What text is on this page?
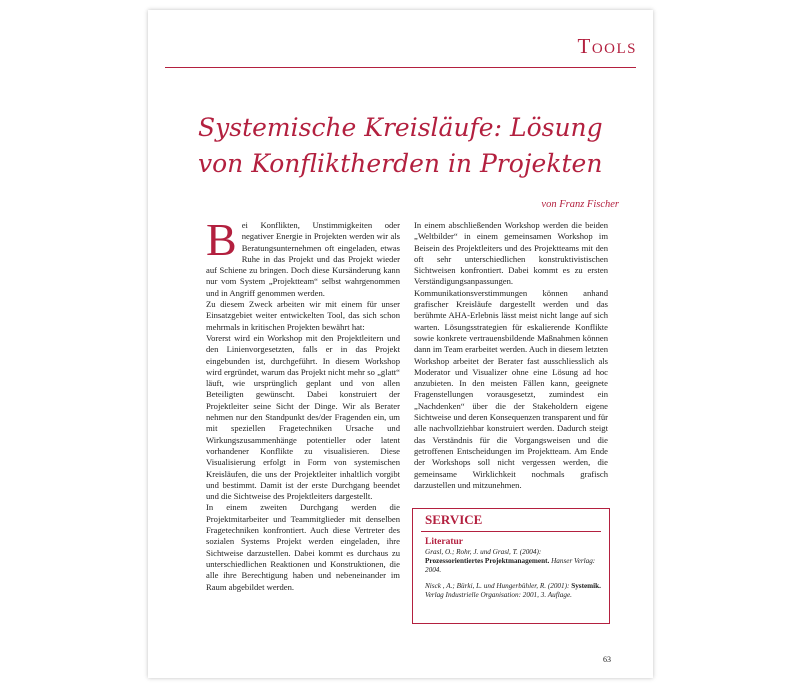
Tools
Systemische Kreisläufe: Lösung von Konfliktherden in Projekten
von Franz Fischer

Bei Konflikten, Unstimmigkeiten oder negativer Energie in Projekten werden wir als Beratungsunternehmen oft eingeladen, etwas Ruhe in das Projekt und das Projekt wieder auf Schiene zu bringen. Doch diese Kursänderung kann nur vom System „Projektteam“ selbst wahrgenommen und in Angriff genommen werden.

Zu diesem Zweck arbeiten wir mit einem für unser Einsatzgebiet weiter entwickelten Tool, das sich schon mehrmals in kritischen Projekten bewährt hat:

Vorerst wird ein Workshop mit den Projektleitern und den Linienvorgesetzten, falls er in das Projekt eingebunden ist, durchgeführt. In diesem Workshop wird ergründet, warum das Projekt nicht mehr so „glatt“ läuft, wie ursprünglich geplant und von allen Beteiligten gewünscht. Dabei konstruiert der Projektleiter seine Sicht der Dinge. Wir als Berater nehmen nur den Standpunkt des/der Fragenden ein, um mit speziellen Fragetechniken Ursache und Wirkungszusammenhänge potentieller oder latent vorhandener Konflikte zu visualisieren. Diese Visualisierung erfolgt in Form von systemischen Kreisläufen, die uns der Projektleiter inhaltlich vorgibt und bestimmt. Damit ist der erste Durchgang beendet und die Sichtweise des Projektleiters dargestellt.

In einem zweiten Durchgang werden die Projektmitarbeiter und Teammitglieder mit denselben Fragetechniken konfrontiert. Auch diese Vertreter des sozialen Systems Projekt werden eingeladen, ihre Sichtweise darzustellen. Dabei kommt es durchaus zu unterschiedlichen Reaktionen und Konstruktionen, die alle ihre Berechtigung haben und nebeneinander im Raum abgebildet werden.

In einem abschließenden Workshop werden die beiden „Weltbilder“ in einem gemeinsamen Workshop im Beisein des Projektleiters und des Projektteams mit den oft sehr unterschiedlichen konstruktivistischen Sichtweisen konfrontiert. Dabei kommt es zu ersten Verständigungsanpassungen. Kommunikationsverstimmungen können anhand grafischer Kreisläufe dargestellt werden und das berühmte AHA-Erlebnis lässt meist nicht lange auf sich warten. Lösungsstrategien für eskalierende Konflikte sowie konkrete vertrauensbildende Maßnahmen können dann im Team erarbeitet werden. Auch in diesem letzten Workshop arbeitet der Berater fast ausschliesslich als Moderator und Visualizer ohne eine Lösung ad hoc anzubieten. In den meisten Fällen kann, geeignete Fragenstellungen vorausgesetzt, zumindest ein „Nachdenken“ über die der Stakeholdern eigene Sichtweise und deren Konsequenzen transparent und für alle nachvollziehbar konstruiert werden. Dadurch steigt das Verständnis für die Vorgangsweisen und die getroffenen Entscheidungen im Projektteam. Am Ende der Workshops soll nicht vergessen werden, die gemeinsame Wirklichkeit nochmals grafisch darzustellen und mitzunehmen.

SERVICE
Literatur
Grasl, O.; Rohr, J. und Grasl, T. (2004): Prozessorientiertes Projektmanagement. Hanser Verlag: 2004.
Nisck , A.; Bürki, L. und Hungerbühler, R. (2001): Systemik. Verlag Industrielle Organisation: 2001, 3. Auflage.
63
